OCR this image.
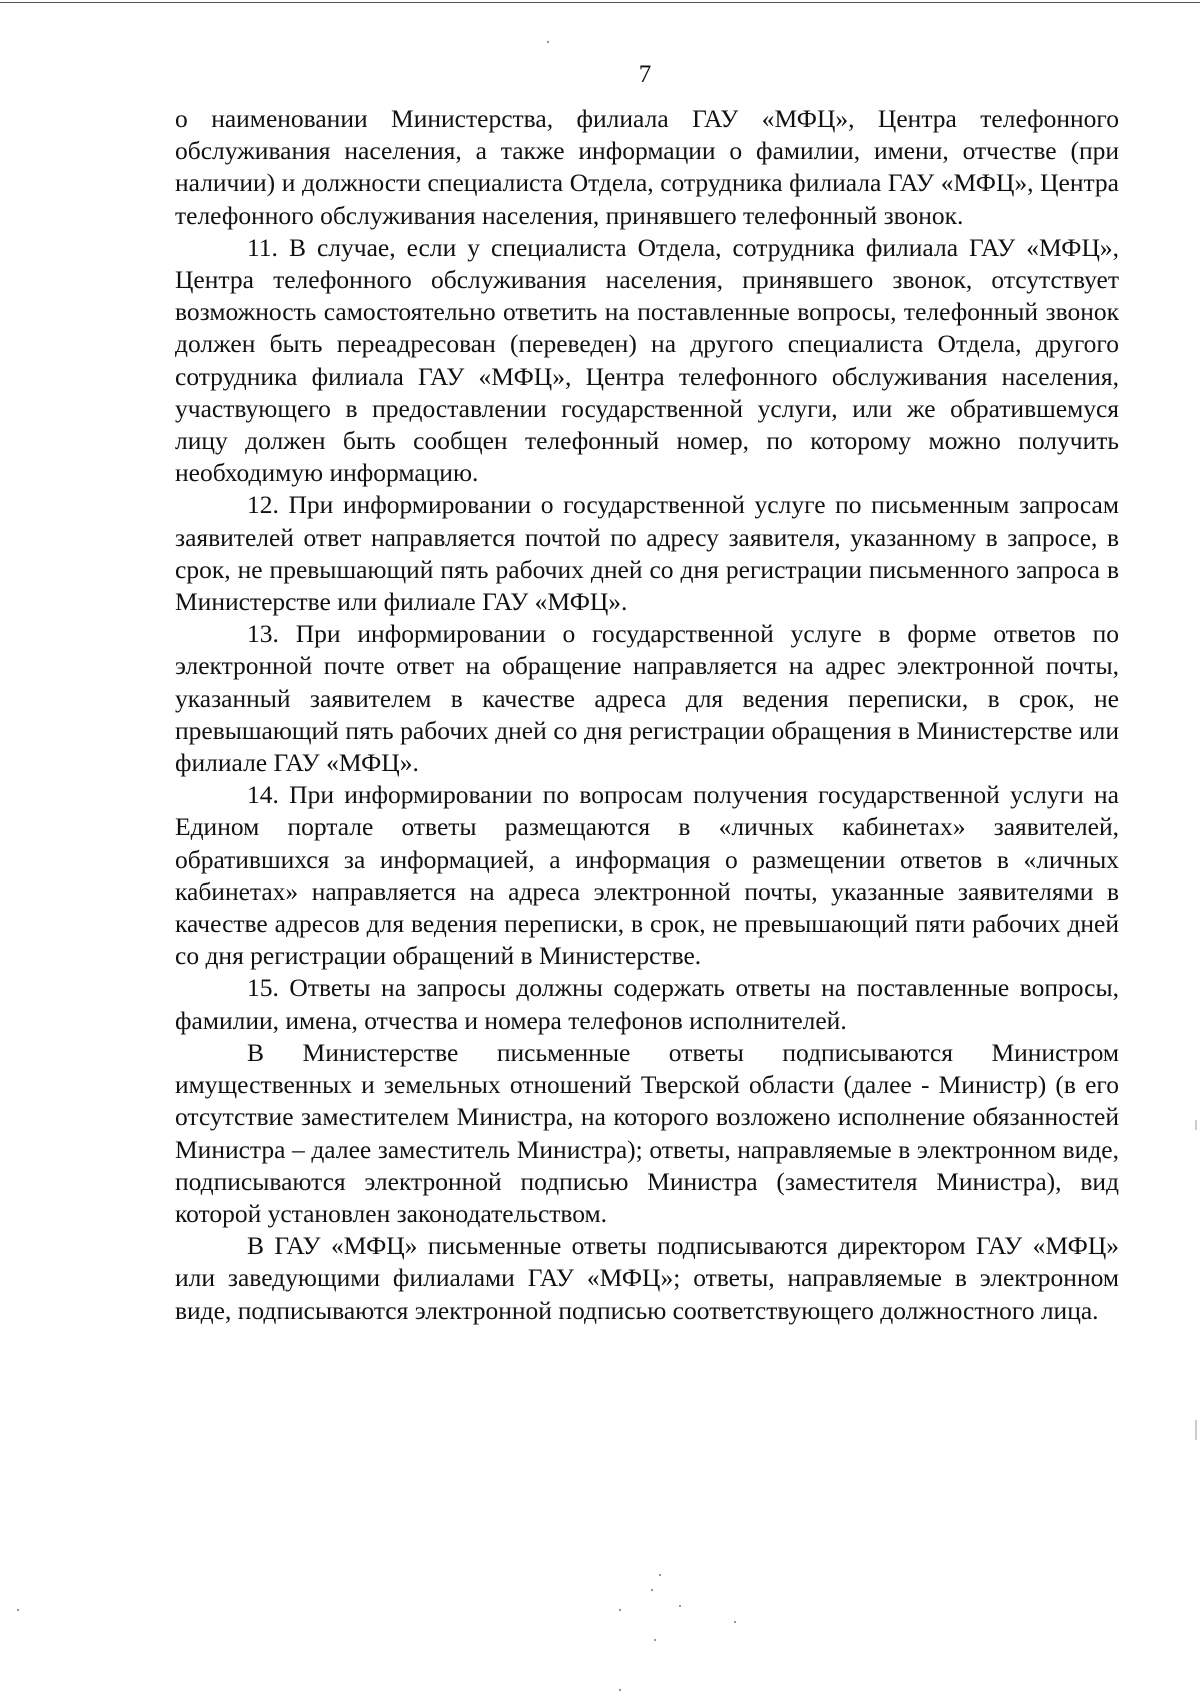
7

о наименовании Министерства, филиала ГАУ «МФЦ», Центра телефонного обслуживания населения, а также информации о фамилии, имени, отчестве (при наличии) и должности специалиста Отдела, сотрудника филиала ГАУ «МФЦ», Центра телефонного обслуживания населения, принявшего телефонный звонок.

11. В случае, если у специалиста Отдела, сотрудника филиала ГАУ «МФЦ», Центра телефонного обслуживания населения, принявшего звонок, отсутствует возможность самостоятельно ответить на поставленные вопросы, телефонный звонок должен быть переадресован (переведен) на другого специалиста Отдела, другого сотрудника филиала ГАУ «МФЦ», Центра телефонного обслуживания населения, участвующего в предоставлении государственной услуги, или же обратившемуся лицу должен быть сообщен телефонный номер, по которому можно получить необходимую информацию.

12. При информировании о государственной услуге по письменным запросам заявителей ответ направляется почтой по адресу заявителя, указанному в запросе, в срок, не превышающий пять рабочих дней со дня регистрации письменного запроса в Министерстве или филиале ГАУ «МФЦ».

13. При информировании о государственной услуге в форме ответов по электронной почте ответ на обращение направляется на адрес электронной почты, указанный заявителем в качестве адреса для ведения переписки, в срок, не превышающий пять рабочих дней со дня регистрации обращения в Министерстве или филиале ГАУ «МФЦ».

14. При информировании по вопросам получения государственной услуги на Едином портале ответы размещаются в «личных кабинетах» заявителей, обратившихся за информацией, а информация о размещении ответов в «личных кабинетах» направляется на адреса электронной почты, указанные заявителями в качестве адресов для ведения переписки, в срок, не превышающий пяти рабочих дней со дня регистрации обращений в Министерстве.

15. Ответы на запросы должны содержать ответы на поставленные вопросы, фамилии, имена, отчества и номера телефонов исполнителей.

В Министерстве письменные ответы подписываются Министром имущественных и земельных отношений Тверской области (далее - Министр) (в его отсутствие заместителем Министра, на которого возложено исполнение обязанностей Министра – далее заместитель Министра); ответы, направляемые в электронном виде, подписываются электронной подписью Министра (заместителя Министра), вид которой установлен законодательством.

В ГАУ «МФЦ» письменные ответы подписываются директором ГАУ «МФЦ» или заведующими филиалами ГАУ «МФЦ»; ответы, направляемые в электронном виде, подписываются электронной подписью соответствующего должностного лица.
